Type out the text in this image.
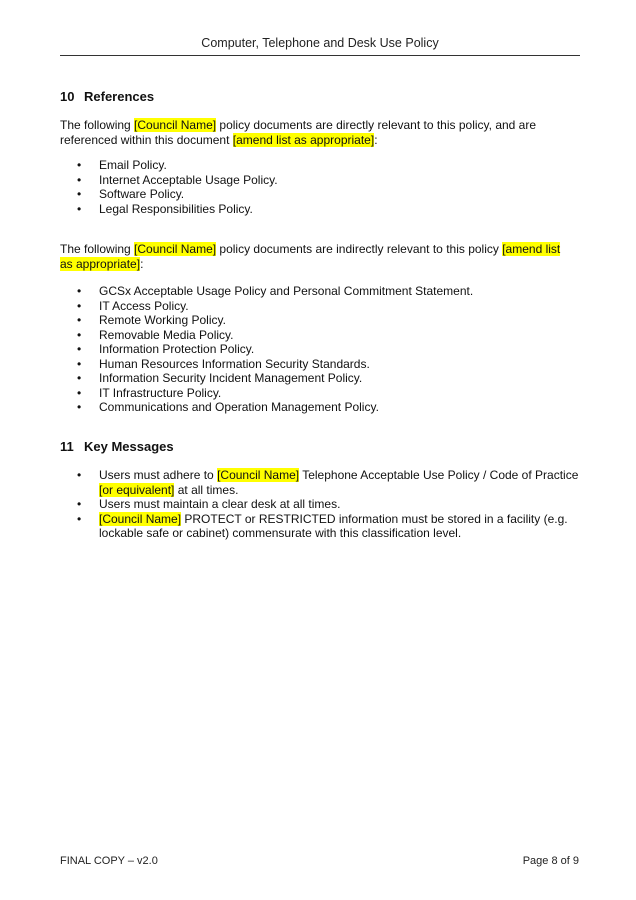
Computer, Telephone and Desk Use Policy
10 References
The following [Council Name] policy documents are directly relevant to this policy, and are referenced within this document [amend list as appropriate]:
• Email Policy.
• Internet Acceptable Usage Policy.
• Software Policy.
• Legal Responsibilities Policy.
The following [Council Name] policy documents are indirectly relevant to this policy [amend list as appropriate]:
• GCSx Acceptable Usage Policy and Personal Commitment Statement.
• IT Access Policy.
• Remote Working Policy.
• Removable Media Policy.
• Information Protection Policy.
• Human Resources Information Security Standards.
• Information Security Incident Management Policy.
• IT Infrastructure Policy.
• Communications and Operation Management Policy.
11 Key Messages
• Users must adhere to [Council Name] Telephone Acceptable Use Policy / Code of Practice [or equivalent] at all times.
• Users must maintain a clear desk at all times.
• [Council Name] PROTECT or RESTRICTED information must be stored in a facility (e.g. lockable safe or cabinet) commensurate with this classification level.
FINAL COPY – v2.0	Page 8 of 9
